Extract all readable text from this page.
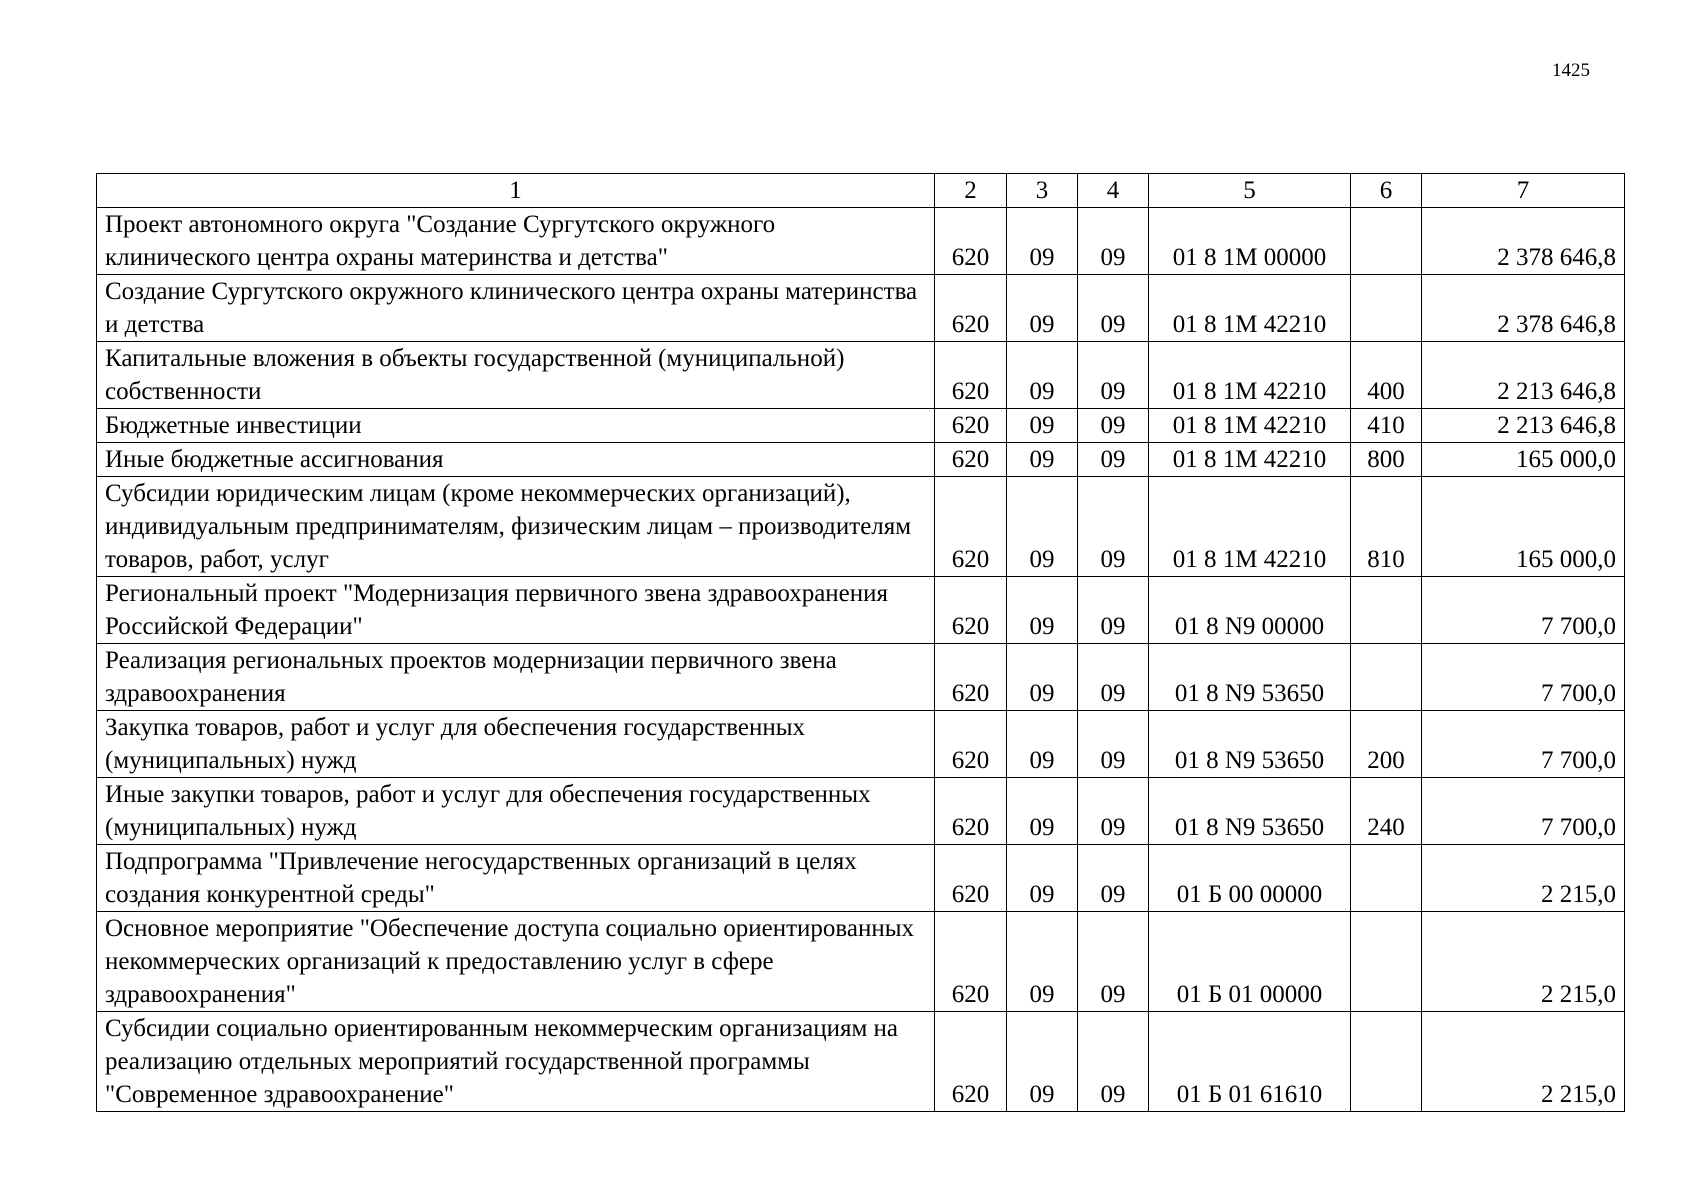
1425
1	2	3	4	5	6	7
Проект автономного округа "Создание Сургутского окружного клинического центра охраны материнства и детства"	620	09	09	01 8 1М 00000		2 378 646,8
Создание Сургутского окружного клинического центра охраны материнства и детства	620	09	09	01 8 1М 42210		2 378 646,8
Капитальные вложения в объекты государственной (муниципальной) собственности	620	09	09	01 8 1М 42210	400	2 213 646,8
Бюджетные инвестиции	620	09	09	01 8 1М 42210	410	2 213 646,8
Иные бюджетные ассигнования	620	09	09	01 8 1М 42210	800	165 000,0
Субсидии юридическим лицам (кроме некоммерческих организаций), индивидуальным предпринимателям, физическим лицам – производителям товаров, работ, услуг	620	09	09	01 8 1М 42210	810	165 000,0
Региональный проект "Модернизация первичного звена здравоохранения Российской Федерации"	620	09	09	01 8 N9 00000		7 700,0
Реализация региональных проектов модернизации первичного звена здравоохранения	620	09	09	01 8 N9 53650		7 700,0
Закупка товаров, работ и услуг для обеспечения государственных (муниципальных) нужд	620	09	09	01 8 N9 53650	200	7 700,0
Иные закупки товаров, работ и услуг для обеспечения государственных (муниципальных) нужд	620	09	09	01 8 N9 53650	240	7 700,0
Подпрограмма "Привлечение негосударственных организаций в целях создания конкурентной среды"	620	09	09	01 Б 00 00000		2 215,0
Основное мероприятие "Обеспечение доступа социально ориентированных некоммерческих организаций к предоставлению услуг в сфере здравоохранения"	620	09	09	01 Б 01 00000		2 215,0
Субсидии социально ориентированным некоммерческим организациям на реализацию отдельных мероприятий государственной программы "Современное здравоохранение"	620	09	09	01 Б 01 61610		2 215,0
